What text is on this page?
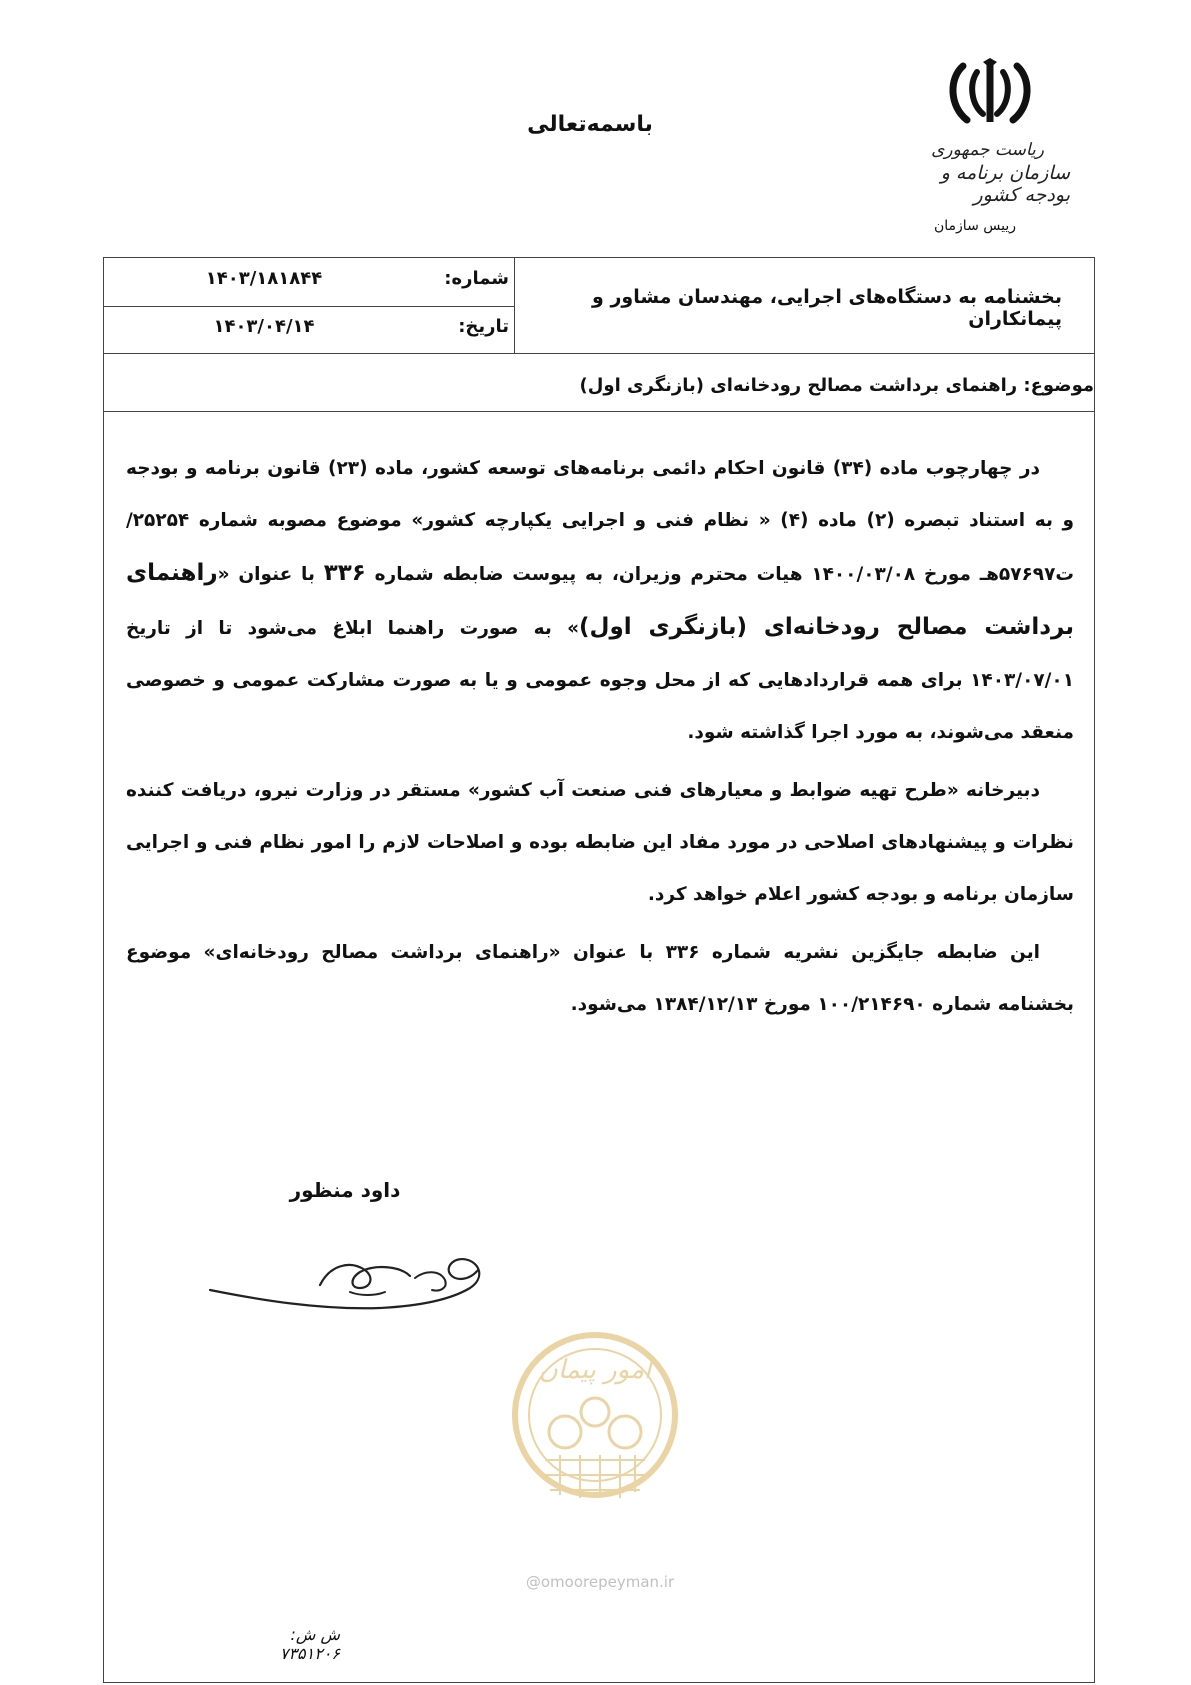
باسمه‌تعالی
ریاست جمهوری
سازمان برنامه و بودجه کشور
رییس سازمان
بخشنامه به دستگاه‌های اجرایی، مهندسان مشاور و پیمانکاران
شماره:
۱۴۰۳/۱۸۱۸۴۴
تاریخ:
۱۴۰۳/۰۴/۱۴
موضوع: راهنمای برداشت مصالح رودخانه‌ای (بازنگری اول)

در چهارچوب ماده (۳۴) قانون احکام دائمی برنامه‌های توسعه کشور، ماده (۲۳) قانون برنامه و بودجه و به استناد تبصره (۲) ماده (۴) « نظام فنی و اجرایی یکپارچه کشور» موضوع مصوبه شماره ۲۵۲۵۴/ت۵۷۶۹۷هـ مورخ ۱۴۰۰/۰۳/۰۸ هیات محترم وزیران، به پیوست ضابطه شماره ۳۳۶ با عنوان «راهنمای برداشت مصالح رودخانه‌ای (بازنگری اول)» به صورت راهنما ابلاغ می‌شود تا از تاریخ ۱۴۰۳/۰۷/۰۱ برای همه قراردادهایی که از محل وجوه عمومی و یا به صورت مشارکت عمومی و خصوصی منعقد می‌شوند، به مورد اجرا گذاشته شود.

دبیرخانه «طرح تهیه ضوابط و معیارهای فنی صنعت آب کشور» مستقر در وزارت نیرو، دریافت کننده نظرات و پیشنهادهای اصلاحی در مورد مفاد این ضابطه بوده و اصلاحات لازم را امور نظام فنی و اجرایی سازمان برنامه و بودجه کشور اعلام خواهد کرد.

این ضابطه جایگزین نشریه شماره ۳۳۶ با عنوان «راهنمای برداشت مصالح رودخانه‌ای» موضوع بخشنامه شماره ۱۰۰/۲۱۴۶۹۰ مورخ ۱۳۸۴/۱۲/۱۳ می‌شود.

داود منظور
امور پیمان
@omoorepeyman.ir
ش ش: ۷۳۵۱۲۰۶
